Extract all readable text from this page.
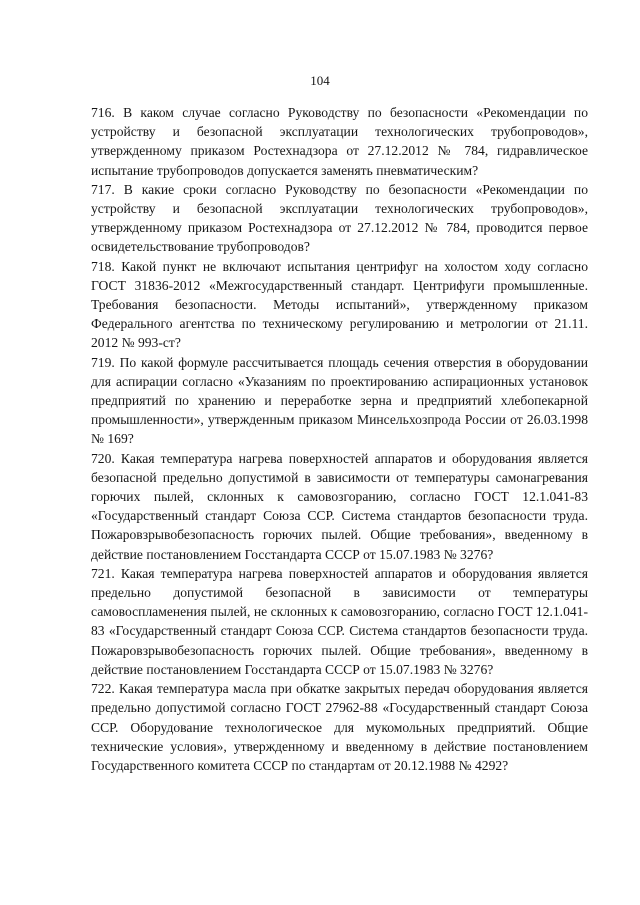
104

716. В каком случае согласно Руководству по безопасности «Рекомендации по устройству и безопасной эксплуатации технологических трубопроводов», утвержденному приказом Ростехнадзора от 27.12.2012 № 784, гидравлическое испытание трубопроводов допускается заменять пневматическим?

717. В какие сроки согласно Руководству по безопасности «Рекомендации по устройству и безопасной эксплуатации технологических трубопроводов», утвержденному приказом Ростехнадзора от 27.12.2012 № 784, проводится первое освидетельствование трубопроводов?

718. Какой пункт не включают испытания центрифуг на холостом ходу согласно ГОСТ 31836-2012 «Межгосударственный стандарт. Центрифуги промышленные. Требования безопасности. Методы испытаний», утвержденному приказом Федерального агентства по техническому регулированию и метрологии от 21.11. 2012 № 993-ст?

719. По какой формуле рассчитывается площадь сечения отверстия в оборудовании для аспирации согласно «Указаниям по проектированию аспирационных установок предприятий по хранению и переработке зерна и предприятий хлебопекарной промышленности», утвержденным приказом Минсельхозпрода России от 26.03.1998 № 169?

720. Какая температура нагрева поверхностей аппаратов и оборудования является безопасной предельно допустимой в зависимости от температуры самонагревания горючих пылей, склонных к самовозгоранию, согласно ГОСТ 12.1.041-83 «Государственный стандарт Союза ССР. Система стандартов безопасности труда. Пожаровзрывобезопасность горючих пылей. Общие требования», введенному в действие постановлением Госстандарта СССР от 15.07.1983 № 3276?

721. Какая температура нагрева поверхностей аппаратов и оборудования является предельно допустимой безопасной в зависимости от температуры самовоспламенения пылей, не склонных к самовозгоранию, согласно ГОСТ 12.1.041-83 «Государственный стандарт Союза ССР. Система стандартов безопасности труда. Пожаровзрывобезопасность горючих пылей. Общие требования», введенному в действие постановлением Госстандарта СССР от 15.07.1983 № 3276?

722. Какая температура масла при обкатке закрытых передач оборудования является предельно допустимой согласно ГОСТ 27962-88 «Государственный стандарт Союза ССР. Оборудование технологическое для мукомольных предприятий. Общие технические условия», утвержденному и введенному в действие постановлением Государственного комитета СССР по стандартам от 20.12.1988 № 4292?
